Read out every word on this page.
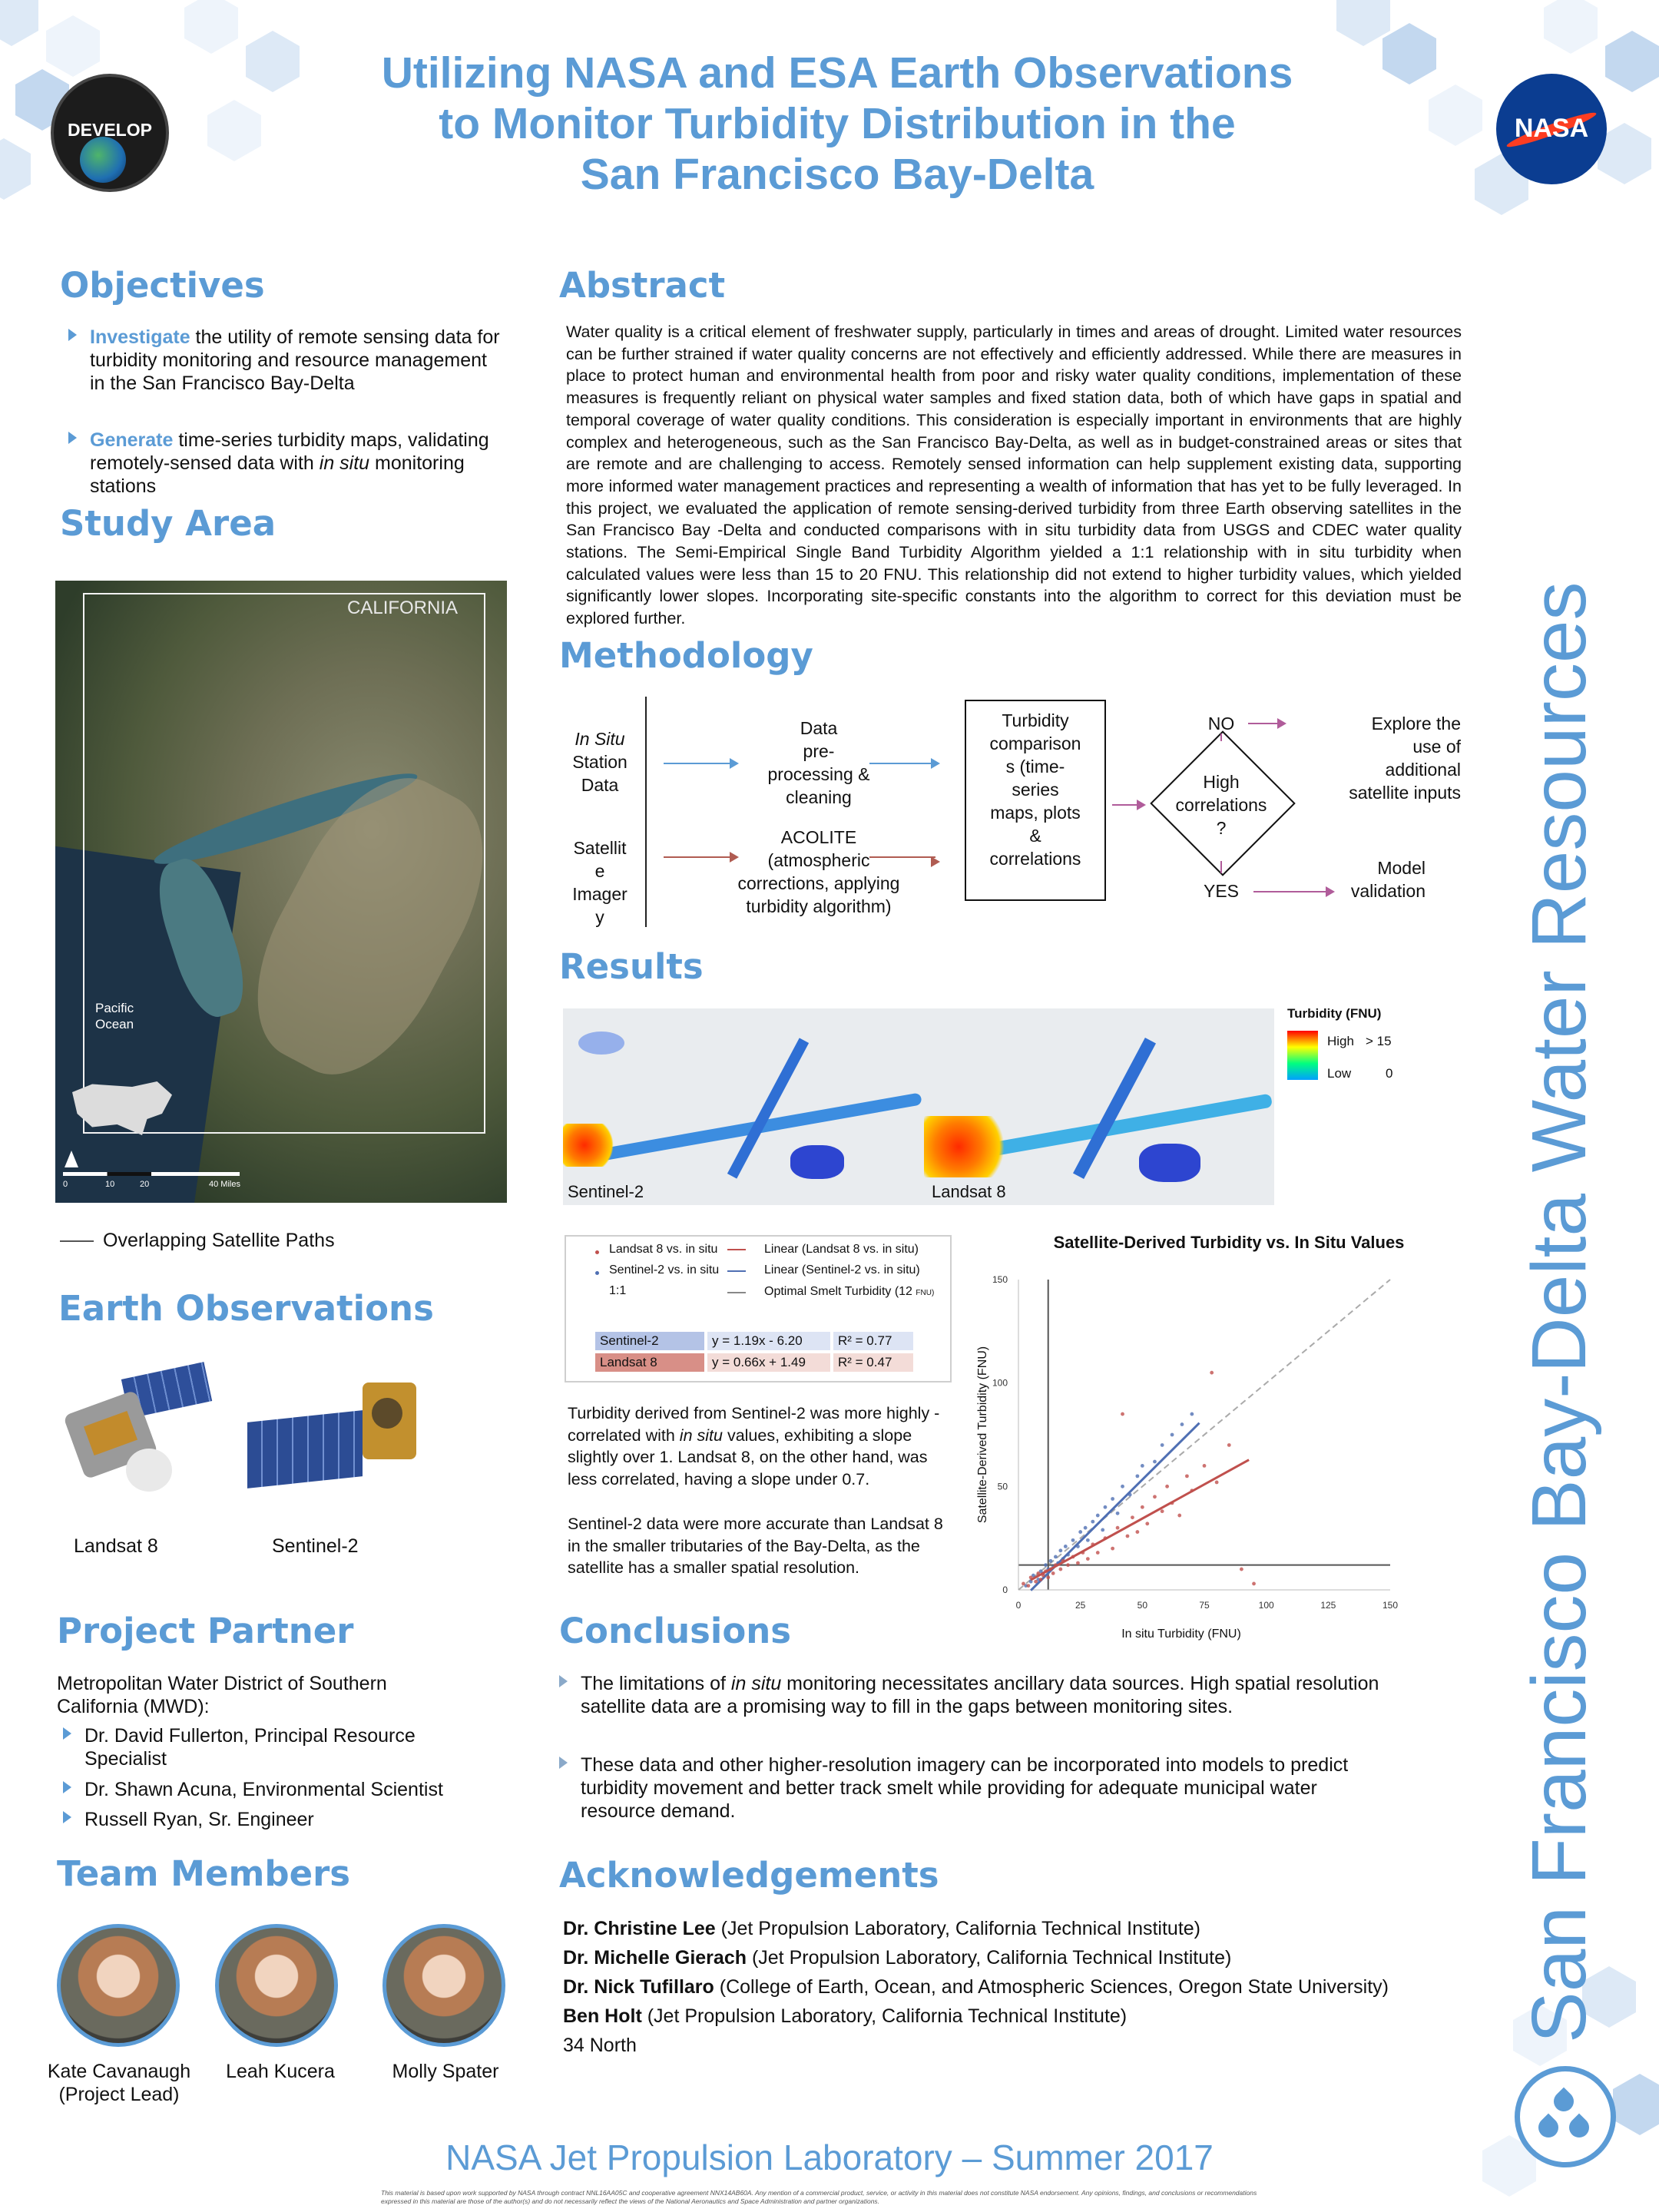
DEVELOP	NASA
Utilizing NASA and ESA Earth Observations
to Monitor Turbidity Distribution in the
San Francisco Bay-Delta
San Francisco Bay-Delta Water Resources
Objectives
Investigate the utility of remote sensing data for turbidity monitoring and resource management in the San Francisco Bay-Delta
Generate time-series turbidity maps, validating remotely-sensed data with in situ monitoring stations
Study Area
CALIFORNIA
Pacific
Ocean
0	10	20	40 Miles
Overlapping Satellite Paths
Earth Observations
Landsat 8	Sentinel-2
Project Partner
Metropolitan Water District of Southern California (MWD):
Dr. David Fullerton, Principal Resource Specialist
Dr. Shawn Acuna, Environmental Scientist
Russell Ryan, Sr. Engineer
Team Members
Kate Cavanaugh
(Project Lead)
Leah Kucera	Molly Spater
Abstract
Water quality is a critical element of freshwater supply, particularly in times and areas of drought. Limited water resources can be further strained if water quality concerns are not effectively and efficiently addressed. While there are measures in place to protect human and environmental health from poor and risky water quality conditions, implementation of these measures is frequently reliant on physical water samples and fixed station data, both of which have gaps in spatial and temporal coverage of water quality conditions. This consideration is especially important in environments that are highly complex and heterogeneous, such as the San Francisco Bay-Delta, as well as in budget-constrained areas or sites that are remote and are challenging to access. Remotely sensed information can help supplement existing data, supporting more informed water management practices and representing a wealth of information that has yet to be fully leveraged. In this project, we evaluated the application of remote sensing-derived turbidity from three Earth observing satellites in the San Francisco Bay -Delta and conducted comparisons with in situ turbidity data from USGS and CDEC water quality stations. The Semi-Empirical Single Band Turbidity Algorithm yielded a 1:1 relationship with in situ turbidity when calculated values were less than 15 to 20 FNU. This relationship did not extend to higher turbidity values, which yielded significantly lower slopes. Incorporating site-specific constants into the algorithm to correct for this deviation must be explored further.
Methodology
In Situ
Station
Data
Satellit
e
Imager
y
Data
pre-
processing &
cleaning
ACOLITE
(atmospheric
corrections, applying
turbidity algorithm)
Turbidity
comparison
s (time-
series
maps, plots
&
correlations
High
correlations
?
NO
YES
Explore the
use of
additional
satellite inputs
Model
validation
Results
Sentinel-2	Landsat 8
Turbidity (FNU)
High > 15
Low	0
Landsat 8 vs. in situ
Sentinel-2 vs. in situ
1:1
Linear (Landsat 8 vs. in situ)
Linear (Sentinel-2 vs. in situ)
Optimal Smelt Turbidity (12 FNU)
Sentinel-2	y = 1.19x - 6.20	R² = 0.77
Landsat 8	y = 0.66x + 1.49	R² = 0.47
Turbidity derived from Sentinel-2 was more highly -correlated with in situ values, exhibiting a slope slightly over 1. Landsat 8, on the other hand, was less correlated, having a slope under 0.7.
Sentinel-2 data were more accurate than Landsat 8 in the smaller tributaries of the Bay-Delta, as the satellite has a smaller spatial resolution.
Satellite-Derived Turbidity vs. In Situ Values
0	25	50	75	100	125	150
0
50
100
150
In situ Turbidity (FNU)
Satellite-Derived Turbidity (FNU)
Conclusions
The limitations of in situ monitoring necessitates ancillary data sources. High spatial resolution satellite data are a promising way to fill in the gaps between monitoring sites.
These data and other higher-resolution imagery can be incorporated into models to predict turbidity movement and better track smelt while providing for adequate municipal water resource demand.
Acknowledgements
Dr. Christine Lee (Jet Propulsion Laboratory, California Technical Institute)
Dr. Michelle Gierach (Jet Propulsion Laboratory, California Technical Institute)
Dr. Nick Tufillaro (College of Earth, Ocean, and Atmospheric Sciences, Oregon State University)
Ben Holt (Jet Propulsion Laboratory, California Technical Institute)
34 North
NASA Jet Propulsion Laboratory – Summer 2017
This material is based upon work supported by NASA through contract NNL16AA05C and cooperative agreement NNX14AB60A. Any mention of a commercial product, service, or activity in this material does not constitute NASA endorsement. Any opinions, findings, and conclusions or recommendations expressed in this material are those of the author(s) and do not necessarily reflect the views of the National Aeronautics and Space Administration and partner organizations.
